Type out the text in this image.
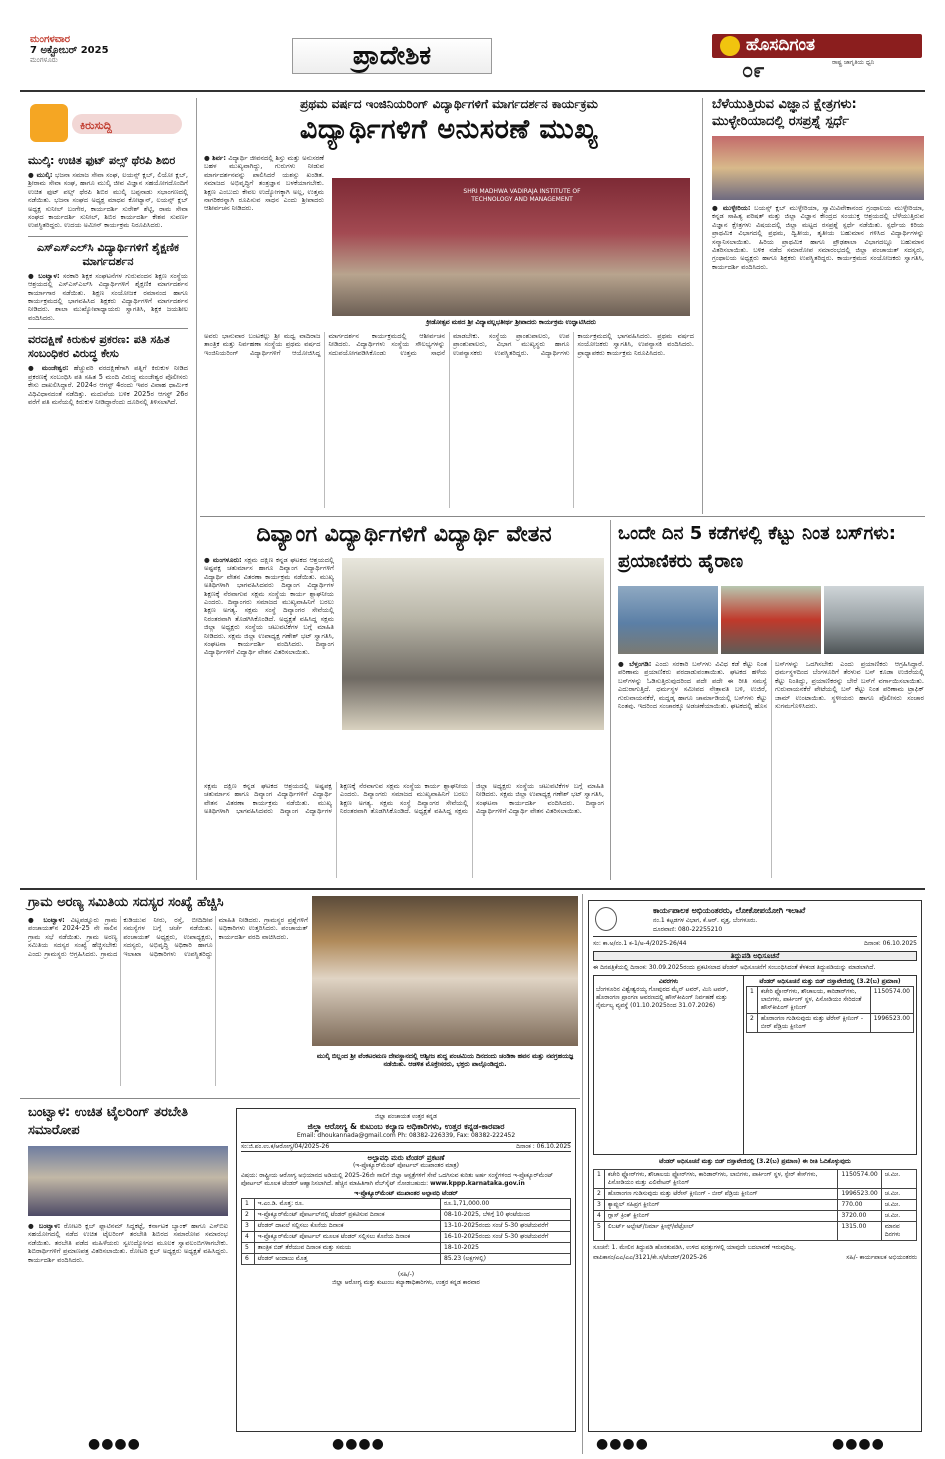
ಮಂಗಳವಾರ
7 ಅಕ್ಟೋಬರ್ 2025
ಮಂಗಳೂರು	ಪ್ರಾದೇಶಿಕ	ಹೊಸದಿಗಂತ
ರಾಷ್ಟ್ರ ಜಾಗೃತಿಯ ಧ್ವನಿ
೦೯
ಕಿರುಸುದ್ದಿ
ಮುಲ್ಕಿ: ಉಚಿತ ಫುಟ್ ಪಲ್ಸ್ ಥೆರಪಿ ಶಿಬಿರ
● ಮುಲ್ಕಿ: ಭಜನಾ ಸಮಾಜ ಸೇವಾ ಸಂಘ, ಲಯನ್ಸ್ ಕ್ಲಬ್, ಲಿಯೋ ಕ್ಲಬ್, ಶ್ರೀರಾಮ ಸೇವಾ ಸಂಘ, ಹಾಗೂ ಮುಲ್ಕಿ ಜೀವ ವಿಜ್ಞಾನ ಸಹಯೋಗದೊಂದಿಗೆ ಉಚಿತ ಫುಟ್ ಪಲ್ಸ್ ಥೆರಪಿ ಶಿಬಿರ ಮುಲ್ಕಿ ಬಪ್ಪನಾಡು ಸಭಾಂಗಣದಲ್ಲಿ ನಡೆಯಿತು. ಭಜನಾ ಸಂಘದ ಅಧ್ಯಕ್ಷ ಮಾಧವ ಕೋಟ್ಯಾನ್, ಲಯನ್ಸ್ ಕ್ಲಬ್ ಅಧ್ಯಕ್ಷ ಸುನೀಲ್ ಬಂಗೇರ, ಕಾರ್ಯದರ್ಶಿ ಸುರೇಶ್ ಶೆಟ್ಟಿ, ರಾಮ ಸೇವಾ ಸಂಘದ ಕಾರ್ಯದರ್ಶಿ ಸುನೀಲ್, ಶಿಬಿರ ಕಾರ್ಯದರ್ಶಿ ಕೇಶವ ಸುವರ್ಣ ಉಪಸ್ಥಿತರಿದ್ದರು. ಉದಯ ಅಮೀನ್ ಕಾರ್ಯಕ್ರಮ ನಿರೂಪಿಸಿದರು.
ಎಸ್‌ಎಸ್‌ಎಲ್‌ಸಿ ವಿದ್ಯಾರ್ಥಿಗಳಿಗೆ ಶೈಕ್ಷಣಿಕ ಮಾರ್ಗದರ್ಶನ
● ಬಂಟ್ವಾಳ: ಸರಕಾರಿ ಶಿಕ್ಷಕ ಸಂಘಟನೆಗಳ ಗುರುವಂದನ ಶಿಕ್ಷಣ ಸಂಸ್ಥೆಯ ಆಶ್ರಯದಲ್ಲಿ ಎಸ್‌ಎಸ್‌ಎಲ್‌ಸಿ ವಿದ್ಯಾರ್ಥಿಗಳಿಗೆ ಶೈಕ್ಷಣಿಕ ಮಾರ್ಗದರ್ಶನ ಕಾರ್ಯಾಗಾರ ನಡೆಯಿತು. ಶಿಕ್ಷಣ ಸಂಯೋಜಕ ರಮಾನಂದ ಹಾಗೂ ಕಾರ್ಯಕ್ರಮದಲ್ಲಿ ಭಾಗವಹಿಸಿದ ಶಿಕ್ಷಕರು ವಿದ್ಯಾರ್ಥಿಗಳಿಗೆ ಮಾರ್ಗದರ್ಶನ ನೀಡಿದರು. ಶಾಲಾ ಮುಖ್ಯೋಪಾಧ್ಯಾಯರು ಸ್ವಾಗತಿಸಿ, ಶಿಕ್ಷಕ ಜಯಶೀಲ ವಂದಿಸಿದರು.
ವರದಕ್ಷಿಣೆ ಕಿರುಕುಳ ಪ್ರಕರಣ: ಪತಿ ಸಹಿತ ಸಂಬಂಧಿಕರ ವಿರುದ್ಧ ಕೇಸು
● ಮಂಜೇಶ್ವರ: ಹೆಚ್ಚುವರಿ ವರದಕ್ಷಿಣೆಗಾಗಿ ಪತ್ನಿಗೆ ಕಿರುಕುಳ ನೀಡಿದ ಪ್ರಕರಣಕ್ಕೆ ಸಂಬಂಧಿಸಿ ಪತಿ ಸಹಿತ 5 ಮಂದಿ ವಿರುದ್ಧ ಮಂಜೇಶ್ವರ ಪೊಲೀಸರು ಕೇಸು ದಾಖಲಿಸಿದ್ದಾರೆ. 2024ರ ಆಗಸ್ಟ್ 4ರಂದು ಇವರ ವಿವಾಹ ಧಾರ್ಮಿಕ ವಿಧಿವಿಧಾನದಂತೆ ನಡೆದಿತ್ತು. ಮದುವೆಯ ಬಳಿಕ 2025ರ ಆಗಸ್ಟ್ 26ರ ವರೆಗೆ ಪತಿ ಮನೆಯಲ್ಲಿ ಕಿರುಕುಳ ನೀಡಿದ್ದಾರೆಂದು ದೂರಿನಲ್ಲಿ ತಿಳಿಸಲಾಗಿದೆ.
ಪ್ರಥಮ ವರ್ಷದ ಇಂಜಿನಿಯರಿಂಗ್ ವಿದ್ಯಾರ್ಥಿಗಳಿಗೆ ಮಾರ್ಗದರ್ಶನ ಕಾರ್ಯಕ್ರಮ
ವಿದ್ಯಾರ್ಥಿಗಳಿಗೆ ಅನುಸರಣೆ ಮುಖ್ಯ
● ಶಿರ್ವ: ವಿದ್ಯಾರ್ಥಿ ಜೀವನದಲ್ಲಿ ಶಿಸ್ತು ಮತ್ತು ಅನುಸರಣೆ ಬಹಳ ಮುಖ್ಯವಾಗಿದ್ದು, ಗುರುಗಳು ನೀಡುವ ಮಾರ್ಗದರ್ಶನವನ್ನು ಪಾಲಿಸಿದರೆ ಯಶಸ್ಸು ಖಂಡಿತ. ಸಮಾಜದ ಅಭಿವೃದ್ಧಿಗೆ ತಂತ್ರಜ್ಞಾನ ಬಳಕೆಯಾಗಬೇಕು. ಶಿಕ್ಷಣ ಎಂಬುದು ಕೇವಲ ಉದ್ಯೋಗಕ್ಕಾಗಿ ಅಲ್ಲ, ಉತ್ತಮ ನಾಗರಿಕರನ್ನಾಗಿ ರೂಪಿಸುವ ಸಾಧನ ಎಂದು ಶ್ರೀಪಾದರು ಆಶೀರ್ವಚನ ನೀಡಿದರು.
SHRI MADHWA VADIRAJA INSTITUTE OF TECHNOLOGY AND MANAGEMENT
ಕ್ರೀಡೋತ್ಸವ ಮಠದ ಶ್ರೀ ವಿದ್ಯಾವಲ್ಲಭತೀರ್ಥ ಶ್ರೀಪಾದರು ಕಾರ್ಯಕ್ರಮ ಉದ್ಘಾಟಿಸಿದರು
ಅವರು ಭಾನುವಾರ ಬಂಟಕಲ್ಲು ಶ್ರೀ ಮಧ್ವ ವಾದಿರಾಜ ತಾಂತ್ರಿಕ ಮತ್ತು ನಿರ್ವಹಣಾ ಸಂಸ್ಥೆಯ ಪ್ರಥಮ ವರ್ಷದ ಇಂಜಿನಿಯರಿಂಗ್ ವಿದ್ಯಾರ್ಥಿಗಳಿಗೆ ಆಯೋಜಿಸಿದ್ದ ಮಾರ್ಗದರ್ಶನ ಕಾರ್ಯಕ್ರಮದಲ್ಲಿ ಆಶೀರ್ವಚನ ನೀಡಿದರು. ವಿದ್ಯಾರ್ಥಿಗಳು ಸಂಸ್ಥೆಯ ಸೌಲಭ್ಯಗಳನ್ನು ಸದುಪಯೋಗಪಡಿಸಿಕೊಂಡು ಉತ್ತಮ ಸಾಧನೆ ಮಾಡಬೇಕು. ಸಂಸ್ಥೆಯ ಪ್ರಾಂಶುಪಾಲರು, ಉಪ ಪ್ರಾಂಶುಪಾಲರು, ವಿಭಾಗ ಮುಖ್ಯಸ್ಥರು ಹಾಗೂ ಉಪನ್ಯಾಸಕರು ಉಪಸ್ಥಿತರಿದ್ದರು. ವಿದ್ಯಾರ್ಥಿಗಳು ಕಾರ್ಯಕ್ರಮದಲ್ಲಿ ಭಾಗವಹಿಸಿದರು. ಪ್ರಥಮ ವರ್ಷದ ಸಂಯೋಜಕರು ಸ್ವಾಗತಿಸಿ, ಉಪನ್ಯಾಸಕಿ ವಂದಿಸಿದರು. ಪ್ರಾಧ್ಯಾಪಕರು ಕಾರ್ಯಕ್ರಮ ನಿರೂಪಿಸಿದರು.
ಬೆಳೆಯುತ್ತಿರುವ ವಿಜ್ಞಾನ ಕ್ಷೇತ್ರಗಳು: ಮುಳ್ಳೇರಿಯಾದಲ್ಲಿ ರಸಪ್ರಶ್ನೆ ಸ್ಪರ್ಧೆ
● ಮುಳ್ಳೇರಿಯ: ಬಯಸ್ಸ್ ಕ್ಲಬ್ ಮುಳ್ಳೇರಿಯಾ, ಸ್ವಾಮಿವಿವೇಕಾನಂದ ಗ್ರಂಥಾಲಯ ಮುಳ್ಳೇರಿಯಾ, ಕನ್ನಡ ಸಾಹಿತ್ಯ ಪರಿಷತ್ ಮತ್ತು ಜಿಲ್ಲಾ ವಿಜ್ಞಾನ ಕೇಂದ್ರದ ಸಂಯುಕ್ತ ಆಶ್ರಯದಲ್ಲಿ ಬೆಳೆಯುತ್ತಿರುವ ವಿಜ್ಞಾನ ಕ್ಷೇತ್ರಗಳು ವಿಷಯದಲ್ಲಿ ಜಿಲ್ಲಾ ಮಟ್ಟದ ರಸಪ್ರಶ್ನೆ ಸ್ಪರ್ಧೆ ನಡೆಯಿತು. ಸ್ಪರ್ಧೆಯ ಕಿರಿಯ ಪ್ರಾಥಮಿಕ ವಿಭಾಗದಲ್ಲಿ ಪ್ರಥಮ, ದ್ವಿತೀಯ, ತೃತೀಯ ಬಹುಮಾನ ಗಳಿಸಿದ ವಿದ್ಯಾರ್ಥಿಗಳನ್ನು ಸನ್ಮಾನಿಸಲಾಯಿತು. ಹಿರಿಯ ಪ್ರಾಥಮಿಕ ಹಾಗೂ ಪ್ರೌಢಶಾಲಾ ವಿಭಾಗದಲ್ಲೂ ಬಹುಮಾನ ವಿತರಿಸಲಾಯಿತು. ಬಳಿಕ ನಡೆದ ಸಮಾರೋಪ ಸಮಾರಂಭದಲ್ಲಿ ಜಿಲ್ಲಾ ಪಂಚಾಯತ್ ಸದಸ್ಯರು, ಗ್ರಂಥಾಲಯ ಅಧ್ಯಕ್ಷರು ಹಾಗೂ ಶಿಕ್ಷಕರು ಉಪಸ್ಥಿತರಿದ್ದರು. ಕಾರ್ಯಕ್ರಮದ ಸಂಯೋಜಕರು ಸ್ವಾಗತಿಸಿ, ಕಾರ್ಯದರ್ಶಿ ವಂದಿಸಿದರು.
ದಿವ್ಯಾಂಗ ವಿದ್ಯಾರ್ಥಿಗಳಿಗೆ ವಿದ್ಯಾರ್ಥಿ ವೇತನ
● ಮಂಗಳೂರು: ಸಕ್ಷಮ ದಕ್ಷಿಣ ಕನ್ನಡ ಘಟಕದ ಆಶ್ರಯದಲ್ಲಿ ಅಷ್ಟಪಕ್ಷ ಚತುರ್ಮಾಸ ಹಾಗೂ ದಿವ್ಯಾಂಗ ವಿದ್ಯಾರ್ಥಿಗಳಿಗೆ ವಿದ್ಯಾರ್ಥಿ ವೇತನ ವಿತರಣಾ ಕಾರ್ಯಕ್ರಮ ನಡೆಯಿತು. ಮುಖ್ಯ ಅತಿಥಿಗಳಾಗಿ ಭಾಗವಹಿಸಿದವರು ದಿವ್ಯಾಂಗ ವಿದ್ಯಾರ್ಥಿಗಳ ಶಿಕ್ಷಣಕ್ಕೆ ನೆರವಾಗುವ ಸಕ್ಷಮ ಸಂಸ್ಥೆಯ ಕಾರ್ಯ ಶ್ಲಾಘನೀಯ ಎಂದರು. ದಿವ್ಯಾಂಗರು ಸಮಾಜದ ಮುಖ್ಯವಾಹಿನಿಗೆ ಬರಲು ಶಿಕ್ಷಣ ಅಗತ್ಯ. ಸಕ್ಷಮ ಸಂಸ್ಥೆ ದಿವ್ಯಾಂಗರ ಸೇವೆಯಲ್ಲಿ ನಿರಂತರವಾಗಿ ತೊಡಗಿಸಿಕೊಂಡಿದೆ. ಅಧ್ಯಕ್ಷತೆ ವಹಿಸಿದ್ದ ಸಕ್ಷಮ ಜಿಲ್ಲಾ ಅಧ್ಯಕ್ಷರು ಸಂಸ್ಥೆಯ ಚಟುವಟಿಕೆಗಳ ಬಗ್ಗೆ ಮಾಹಿತಿ ನೀಡಿದರು. ಸಕ್ಷಮ ಜಿಲ್ಲಾ ಉಪಾಧ್ಯಕ್ಷ ಗಣೇಶ್ ಭಟ್ ಸ್ವಾಗತಿಸಿ, ಸಂಘಟನಾ ಕಾರ್ಯದರ್ಶಿ ವಂದಿಸಿದರು. ದಿವ್ಯಾಂಗ ವಿದ್ಯಾರ್ಥಿಗಳಿಗೆ ವಿದ್ಯಾರ್ಥಿ ವೇತನ ವಿತರಿಸಲಾಯಿತು.
ಸಕ್ಷಮ ದಕ್ಷಿಣ ಕನ್ನಡ ಘಟಕದ ಆಶ್ರಯದಲ್ಲಿ ಅಷ್ಟಪಕ್ಷ ಚತುರ್ಮಾಸ ಹಾಗೂ ದಿವ್ಯಾಂಗ ವಿದ್ಯಾರ್ಥಿಗಳಿಗೆ ವಿದ್ಯಾರ್ಥಿ ವೇತನ ವಿತರಣಾ ಕಾರ್ಯಕ್ರಮ ನಡೆಯಿತು. ಮುಖ್ಯ ಅತಿಥಿಗಳಾಗಿ ಭಾಗವಹಿಸಿದವರು ದಿವ್ಯಾಂಗ ವಿದ್ಯಾರ್ಥಿಗಳ ಶಿಕ್ಷಣಕ್ಕೆ ನೆರವಾಗುವ ಸಕ್ಷಮ ಸಂಸ್ಥೆಯ ಕಾರ್ಯ ಶ್ಲಾಘನೀಯ ಎಂದರು. ದಿವ್ಯಾಂಗರು ಸಮಾಜದ ಮುಖ್ಯವಾಹಿನಿಗೆ ಬರಲು ಶಿಕ್ಷಣ ಅಗತ್ಯ. ಸಕ್ಷಮ ಸಂಸ್ಥೆ ದಿವ್ಯಾಂಗರ ಸೇವೆಯಲ್ಲಿ ನಿರಂತರವಾಗಿ ತೊಡಗಿಸಿಕೊಂಡಿದೆ. ಅಧ್ಯಕ್ಷತೆ ವಹಿಸಿದ್ದ ಸಕ್ಷಮ ಜಿಲ್ಲಾ ಅಧ್ಯಕ್ಷರು ಸಂಸ್ಥೆಯ ಚಟುವಟಿಕೆಗಳ ಬಗ್ಗೆ ಮಾಹಿತಿ ನೀಡಿದರು. ಸಕ್ಷಮ ಜಿಲ್ಲಾ ಉಪಾಧ್ಯಕ್ಷ ಗಣೇಶ್ ಭಟ್ ಸ್ವಾಗತಿಸಿ, ಸಂಘಟನಾ ಕಾರ್ಯದರ್ಶಿ ವಂದಿಸಿದರು. ದಿವ್ಯಾಂಗ ವಿದ್ಯಾರ್ಥಿಗಳಿಗೆ ವಿದ್ಯಾರ್ಥಿ ವೇತನ ವಿತರಿಸಲಾಯಿತು.
ಒಂದೇ ದಿನ 5 ಕಡೆಗಳಲ್ಲಿ ಕೆಟ್ಟು ನಿಂತ ಬಸ್‌ಗಳು: ಪ್ರಯಾಣಿಕರು ಹೈರಾಣ
● ಬೆಳ್ತಂಗಡಿ: ಎಂದು ಸರಕಾರಿ ಬಸ್‌ಗಳು ವಿವಿಧ ಕಡೆ ಕೆಟ್ಟು ನಿಂತ ಪರಿಣಾಮ ಪ್ರಯಾಣಿಕರು ಪರದಾಡುವಂತಾಯಿತು. ಘಟಕದ ಹಳೆಯ ಬಸ್‌ಗಳನ್ನು ಓಡಿಸುತ್ತಿರುವುದರಿಂದ ಪದೇ ಪದೇ ಈ ರೀತಿ ಸಮಸ್ಯೆ ಎದುರಾಗುತ್ತಿದೆ. ಧರ್ಮಸ್ಥಳ ಸಮೀಪದ ನೇತ್ರಾವತಿ ಬಳಿ, ಉಜಿರೆ, ಗುರುವಾಯನಕೆರೆ, ಮದ್ದಡ್ಕ ಹಾಗೂ ಚಾರ್ಮಾಡಿಯಲ್ಲಿ ಬಸ್‌ಗಳು ಕೆಟ್ಟು ನಿಂತವು. ಇದರಿಂದ ಸಂಚಾರಕ್ಕೂ ಅಡಚಣೆಯಾಯಿತು. ಘಟಕದಲ್ಲಿ ಹೊಸ ಬಸ್‌ಗಳನ್ನು ಒದಗಿಸಬೇಕು ಎಂದು ಪ್ರಯಾಣಿಕರು ಆಗ್ರಹಿಸಿದ್ದಾರೆ. ಧರ್ಮಸ್ಥಳದಿಂದ ಬೆಂಗಳೂರಿಗೆ ತೆರಳುವ ಬಸ್ ಕೂಡಾ ಉಜಿರೆಯಲ್ಲಿ ಕೆಟ್ಟು ನಿಂತಿದ್ದು, ಪ್ರಯಾಣಿಕರನ್ನು ಬೇರೆ ಬಸ್‌ಗೆ ವರ್ಗಾಯಿಸಲಾಯಿತು. ಗುರುವಾಯನಕೆರೆ ಪೇಟೆಯಲ್ಲಿ ಬಸ್ ಕೆಟ್ಟು ನಿಂತ ಪರಿಣಾಮ ಟ್ರಾಫಿಕ್ ಜಾಮ್ ಉಂಟಾಯಿತು. ಸ್ಥಳೀಯರು ಹಾಗೂ ಪೊಲೀಸರು ಸಂಚಾರ ಸುಗಮಗೊಳಿಸಿದರು.
ಗ್ರಾಮ ಅರಣ್ಯ ಸಮಿತಿಯ ಸದಸ್ಯರ ಸಂಖ್ಯೆ ಹೆಚ್ಚಿಸಿ
● ಬಂಟ್ವಾಳ: ವಿಟ್ಲಪಡ್ನೂರು ಗ್ರಾಮ ಪಂಚಾಯತ್‌ನ 2024-25 ನೇ ಸಾಲಿನ ಗ್ರಾಮ ಸಭೆ ನಡೆಯಿತು. ಗ್ರಾಮ ಅರಣ್ಯ ಸಮಿತಿಯ ಸದಸ್ಯರ ಸಂಖ್ಯೆ ಹೆಚ್ಚಿಸಬೇಕು ಎಂದು ಗ್ರಾಮಸ್ಥರು ಆಗ್ರಹಿಸಿದರು. ಗ್ರಾಮದ ಕುಡಿಯುವ ನೀರು, ರಸ್ತೆ, ಬೀದಿದೀಪ ಸಮಸ್ಯೆಗಳ ಬಗ್ಗೆ ಚರ್ಚೆ ನಡೆಯಿತು. ಪಂಚಾಯತ್ ಅಧ್ಯಕ್ಷರು, ಉಪಾಧ್ಯಕ್ಷರು, ಸದಸ್ಯರು, ಅಭಿವೃದ್ಧಿ ಅಧಿಕಾರಿ ಹಾಗೂ ಇಲಾಖಾ ಅಧಿಕಾರಿಗಳು ಉಪಸ್ಥಿತರಿದ್ದು ಮಾಹಿತಿ ನೀಡಿದರು. ಗ್ರಾಮಸ್ಥರ ಪ್ರಶ್ನೆಗಳಿಗೆ ಅಧಿಕಾರಿಗಳು ಉತ್ತರಿಸಿದರು. ಪಂಚಾಯತ್ ಕಾರ್ಯದರ್ಶಿ ವರದಿ ವಾಚಿಸಿದರು.
ಮುಲ್ಕಿ ಬಿಲ್ಲಂದ ಶ್ರೀ ವೆಂಕಟರಮಣ ದೇವಸ್ಥಾನದಲ್ಲಿ ಆಶ್ವೀಜ ಶುದ್ಧ ಪಂಚಮಿಯ ದಿನದಂದು ಚಂಡಿಕಾ ಹವನ ಮತ್ತು ನವಗ್ರಹಯಜ್ಞ ನಡೆಯಿತು. ಆಡಳಿತ ಮೊಕ್ತೇಸರರು, ಭಕ್ತರು ಪಾಲ್ಗೊಂಡಿದ್ದರು.
ಕಾರ್ಯಪಾಲಕ ಅಭಿಯಂತರರು, ಲೋಕೋಪಯೋಗಿ ಇಲಾಖೆ
ನಂ.1 ಕಟ್ಟಡಗಳ ವಿಭಾಗ, ಕೆ.ಆರ್. ವೃತ್ತ, ಬೆಂಗಳೂರು.
ದೂರವಾಣಿ: 080-22255210
ಸಂ: ಕಾ.ಅ/ನಂ.1 ಕ-1/ಅ-4/2025-26/44	ದಿನಾಂಕ: 06.10.2025
ತಿದ್ದುಪಡಿ ಅಧಿಸೂಚನೆ
ಈ ದಿನಪತ್ರಿಕೆಯಲ್ಲಿ ದಿನಾಂಕ: 30.09.2025ರಂದು ಪ್ರಕಟಿಸಲಾದ ಟೆಂಡರ್ ಅಧಿಸೂಚನೆಗೆ ಸಂಬಂಧಿಸಿದಂತೆ ಕೆಳಕಂಡ ತಿದ್ದುಪಡಿಯನ್ನು ಮಾಡಲಾಗಿದೆ.
ವಿವರಗಳು
ಬೆಂಗಳೂರಿನ ವಿಶ್ವೇಶ್ವರಯ್ಯ ಗೋಪುರದ ಮೈನ್ ಟವರ್, ಮಿನಿ ಟವರ್, ಹೊರಾಂಗಣ ಪ್ರಾಂಗಣ ಆವರಣದಲ್ಲಿ ಹೌಸ್‌ಕೀಪಿಂಗ್ ನಿರ್ವಹಣೆ ಮತ್ತು ನೈರ್ಮಲ್ಯ ವ್ಯವಸ್ಥೆ (01.10.2025ರಿಂದ 31.07.2026)
ಟೆಂಡರ್ ಅಧಿಸೂಚನೆ ಮತ್ತು ಬಿಡ್ ದಸ್ತಾವೇಜಿನಲ್ಲಿ (3.2(ಬ) ಪ್ರಮಾಣ)
1	ಕಚೇರಿ ಫ್ಲೋರ್‌ಗಳು, ಶೌಚಾಲಯ, ಕಾರಿಡಾರ್‌ಗಳು, ಲಾಬಿಗಳು, ಪಾರ್ಕಿಂಗ್ ಸ್ಥಳ, ಪಿಸೋಡಿಯಂ ಸೇರಿದಂತೆ ಹೌಸ್‌ಕೀಪಿಂಗ್ ಕ್ಲೀನಿಂಗ್	1150574.00
2	ಹೊರಾಂಗಣ ಗುಡಿಸುವುದು ಮತ್ತು ಟೆರೇಸ್ ಕ್ಲೀನಿಂಗ್ - ಬೀರ್ ಪೆಡ್ರಿಯ ಕ್ಲೀನಿಂಗ್	1996523.00
ಟೆಂಡರ್ ಅಧಿಸೂಚನೆ ಮತ್ತು ಬಿಡ್ ದಸ್ತಾವೇಜಿನಲ್ಲಿ (3.2(ಬ) ಪ್ರಮಾಣ) ಈ ರೀತಿ ಓದಿಕೊಳ್ಳುವುದು
1	ಕಚೇರಿ ಫ್ಲೋರ್‌ಗಳು, ಶೌಚಾಲಯ ಫ್ಲೋರ್‌ಗಳು, ಕಾರಿಡಾರ್‌ಗಳು, ಲಾಬಿಗಳು, ಪಾರ್ಕಿಂಗ್ ಸ್ಥಳ, ಸ್ಟೇರ್ ಕೇಸ್‌ಗಳು, ಪಿಸೋಡಿಯಂ ಮತ್ತು ಎಲಿವೇಟರ್ ಕ್ಲೀನಿಂಗ್	1150574.00	ಚ.ಮೀ.
2	ಹೊರಾಂಗಣ ಗುಡಿಸುವುದು ಮತ್ತು ಟೆರೇಸ್ ಕ್ಲೀನಿಂಗ್ - ಬೀರ್ ಪೆಡ್ರಿಯ ಕ್ಲೀನಿಂಗ್	1996523.00	ಚ.ಮೀ.
3	ಕ್ಯಾಪ್ಸುಲ್ ಸಹಿಪ್ರಗ ಕ್ಲೀನಿಂಗ್	770.00	ಚ.ಮೀ.
4	ಗ್ಲಾಸ್ ಕ್ರಿಂಕ್ ಕ್ಲೀನಿಂಗ್	3720.00	ಚ.ಮೀ.
5	ಲಿಬರ್ಟ್ ಅಲ್ಟೇಟ್/ನಿರ್ಮಾ ಕ್ಲೀನ್ಸ್/ಪೆಟ್ರೋಲ್	1315.00	ಮಾನವ ದಿನಗಳು
ಸೂಚನೆ: 1. ಮೇಲಿನ ತಿದ್ದುಪಡಿ ಹೊರತುಪಡಿಸಿ, ಉಳಿದ ಷರತ್ತುಗಳಲ್ಲಿ ಯಾವುದೇ ಬದಲಾವಣೆ ಇರುವುದಿಲ್ಲ.
ವಾಪಿಕಾಸಂ/ಎಎ/ಎಎ/3121/ಕೇ.ಸ/ಟೆಂಡರ್/2025-26	ಸಹಿ/- ಕಾರ್ಯಪಾಲಕ ಅಭಿಯಂತರರು
ಬಂಟ್ವಾಳ: ಉಚಿತ ಟೈಲರಿಂಗ್ ತರಬೇತಿ ಸಮಾರೋಪ
● ಬಂಟ್ವಾಳ: ರೋಟರಿ ಕ್ಲಬ್ ಫ್ಲಾಟಿನಮ್ ಸಿದ್ದಕಟ್ಟೆ, ಕರ್ನಾಟಕ ಬ್ಯಾಂಕ್ ಹಾಗೂ ಎಸ್‌ಬಿಐ ಸಹಯೋಗದಲ್ಲಿ ನಡೆದ ಉಚಿತ ಟೈಲರಿಂಗ್ ತರಬೇತಿ ಶಿಬಿರದ ಸಮಾರೋಪ ಸಮಾರಂಭ ನಡೆಯಿತು. ತರಬೇತಿ ಪಡೆದ ಮಹಿಳೆಯರು ಸ್ವಉದ್ಯೋಗದ ಮೂಲಕ ಸ್ವಾವಲಂಬಿಗಳಾಗಬೇಕು. ಶಿಬಿರಾರ್ಥಿಗಳಿಗೆ ಪ್ರಮಾಣಪತ್ರ ವಿತರಿಸಲಾಯಿತು. ರೋಟರಿ ಕ್ಲಬ್ ಅಧ್ಯಕ್ಷರು ಅಧ್ಯಕ್ಷತೆ ವಹಿಸಿದ್ದರು. ಕಾರ್ಯದರ್ಶಿ ವಂದಿಸಿದರು.
ಜಿಲ್ಲಾ ಪಂಚಾಯತ ಉತ್ತರ ಕನ್ನಡ
ಜಿಲ್ಲಾ ಆರೋಗ್ಯ & ಕುಟುಂಬ ಕಲ್ಯಾಣ ಅಧಿಕಾರಿಗಳು, ಉತ್ತರ ಕನ್ನಡ-ಕಾರವಾರ
Email: dhoukannada@gmail.com Ph: 08382-226339, Fax: 08382-222452
ಸಂ:ಜಿ.ಪಂ.ಉ.ಕ/ಆರೋಗ್ಯ/04/2025-26	ದಿನಾಂಕ : 06.10.2025
ಅಲ್ಪಾವಧಿ ಮರು ಟೆಂಡರ್ ಪ್ರಕಟಣೆ
(ಇ-ಪ್ರೊಕ್ಯೂರ್‌ಮೆಂಟ್ ಪೋರ್ಟಲ್ ಮುಖಾಂತರ ಮಾತ್ರ)
ವಿಷಯ: ರಾಷ್ಟ್ರೀಯ ಆರೋಗ್ಯ ಅಭಿಯಾನದ ಅಡಿಯಲ್ಲಿ 2025-26ನೇ ಸಾಲಿಗೆ ಜಿಲ್ಲಾ ಆಸ್ಪತ್ರೆಗಳಿಗೆ ಸೇವೆ ಒದಗಿಸುವ ಕುರಿತು ಅರ್ಹ ಸಂಸ್ಥೆಗಳಿಂದ ಇ-ಪ್ರೊಕ್ಯೂರ್‌ಮೆಂಟ್ ಪೋರ್ಟಲ್ ಮೂಲಕ ಟೆಂಡರ್ ಆಹ್ವಾನಿಸಲಾಗಿದೆ. ಹೆಚ್ಚಿನ ಮಾಹಿತಿಗಾಗಿ ವೆಬ್‌ಸೈಟ್ ನೋಡಬಹುದು: www.kppp.karnataka.gov.in
ಇ-ಪ್ರೊಕ್ಯೂರ್‌ಮೆಂಟ್ ಮುಖಾಂತರ ಅಲ್ಪಾವಧಿ ಟೆಂಡರ್
1	ಇ.ಎಂ.ಡಿ. ಮೊತ್ತ: ರೂ.	ರೂ.1,71,000.00
2	ಇ-ಪ್ರೊಕ್ಯೂರ್‌ಮೆಂಟ್ ಪೋರ್ಟಲ್‌ನಲ್ಲಿ ಟೆಂಡರ್ ಪ್ರಕಟಿಸುವ ದಿನಾಂಕ	08-10-2025, ಬೆಳಿಗ್ಗೆ 10 ಘಂಟೆಯಿಂದ
3	ಟೆಂಡರ್ ದಾಖಲೆ ಸಲ್ಲಿಸಲು ಕೊನೆಯ ದಿನಾಂಕ	13-10-2025ರಂದು ಸಂಜೆ 5-30 ಘಂಟೆಯವರೆಗೆ
4	ಇ-ಪ್ರೊಕ್ಯೂರ್‌ಮೆಂಟ್ ಪೋರ್ಟಲ್ ಮೂಲಕ ಟೆಂಡರ್ ಸಲ್ಲಿಸಲು ಕೊನೆಯ ದಿನಾಂಕ	16-10-2025ರಂದು ಸಂಜೆ 5-30 ಘಂಟೆಯವರೆಗೆ
5	ತಾಂತ್ರಿಕ ಬಿಡ್ ತೆರೆಯುವ ದಿನಾಂಕ ಮತ್ತು ಸಮಯ	18-10-2025
6	ಟೆಂಡರ್ ಅಂದಾಜು ಮೊತ್ತ	85.23 (ಲಕ್ಷಗಳಲ್ಲಿ)
(ಸಹಿ/-)
ಜಿಲ್ಲಾ ಆರೋಗ್ಯ ಮತ್ತು ಕುಟುಂಬ ಕಲ್ಯಾಣಾಧಿಕಾರಿಗಳು, ಉತ್ತರ ಕನ್ನಡ ಕಾರವಾರ
●●●●	●●●●	●●●●	●●●●
